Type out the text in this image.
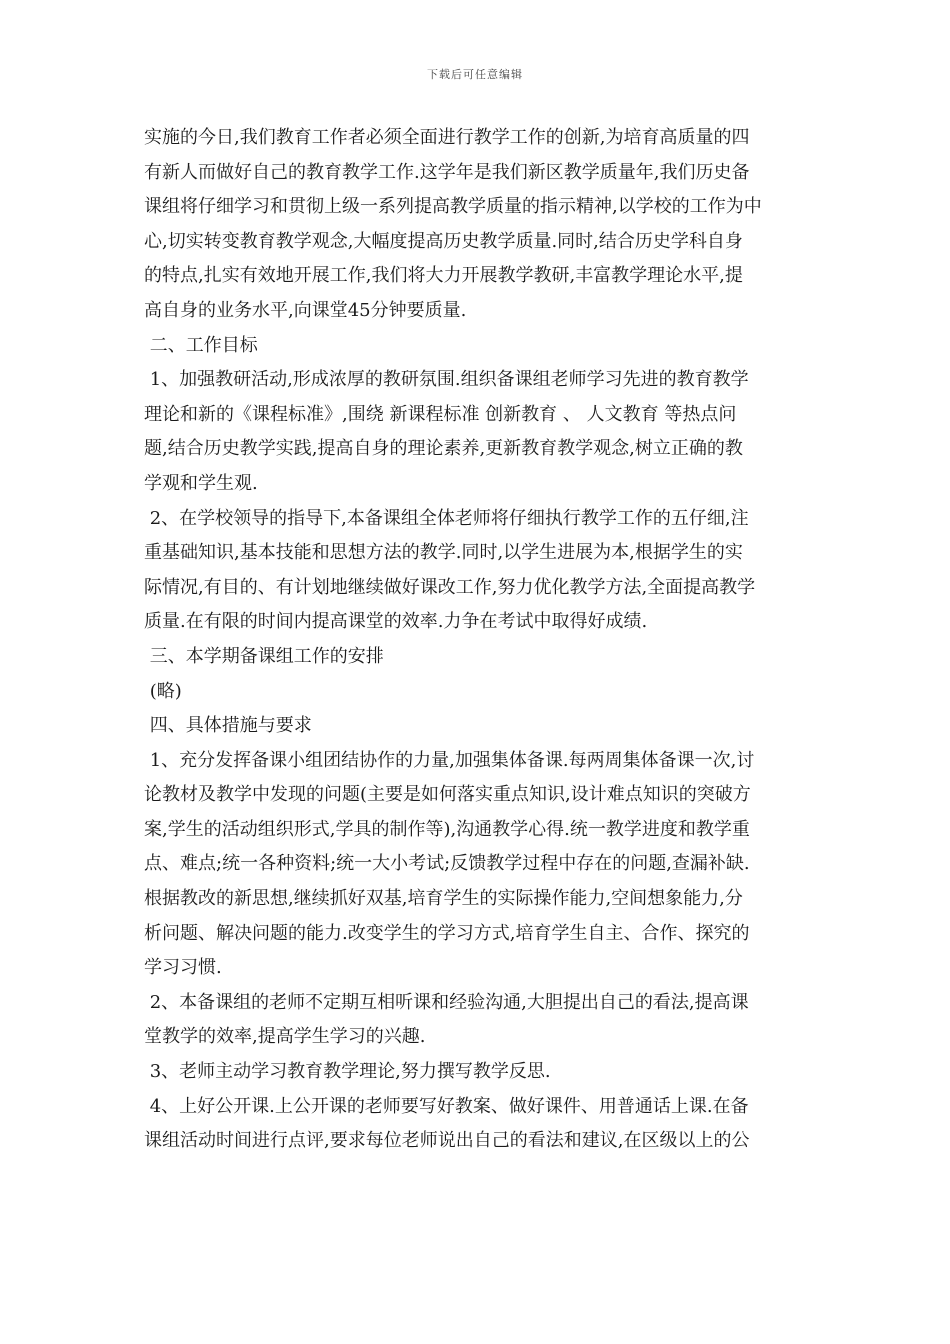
下载后可任意编辑
实施的今日,我们教育工作者必须全面进行教学工作的创新,为培育高质量的四
有新人而做好自己的教育教学工作.这学年是我们新区教学质量年,我们历史备
课组将仔细学习和贯彻上级一系列提高教学质量的指示精神,以学校的工作为中
心,切实转变教育教学观念,大幅度提高历史教学质量.同时,结合历史学科自身
的特点,扎实有效地开展工作,我们将大力开展教学教研,丰富教学理论水平,提
高自身的业务水平,向课堂45分钟要质量.
二、工作目标
1、加强教研活动,形成浓厚的教研氛围.组织备课组老师学习先进的教育教学
理论和新的《课程标准》,围绕 新课程标准 创新教育 、 人文教育 等热点问
题,结合历史教学实践,提高自身的理论素养,更新教育教学观念,树立正确的教
学观和学生观.
2、在学校领导的指导下,本备课组全体老师将仔细执行教学工作的五仔细,注
重基础知识,基本技能和思想方法的教学.同时,以学生进展为本,根据学生的实
际情况,有目的、有计划地继续做好课改工作,努力优化教学方法,全面提高教学
质量.在有限的时间内提高课堂的效率.力争在考试中取得好成绩.
三、本学期备课组工作的安排
(略)
四、具体措施与要求
1、充分发挥备课小组团结协作的力量,加强集体备课.每两周集体备课一次,讨
论教材及教学中发现的问题(主要是如何落实重点知识,设计难点知识的突破方
案,学生的活动组织形式,学具的制作等),沟通教学心得.统一教学进度和教学重
点、难点;统一各种资料;统一大小考试;反馈教学过程中存在的问题,查漏补缺.
根据教改的新思想,继续抓好双基,培育学生的实际操作能力,空间想象能力,分
析问题、解决问题的能力.改变学生的学习方式,培育学生自主、合作、探究的
学习习惯.
2、本备课组的老师不定期互相听课和经验沟通,大胆提出自己的看法,提高课
堂教学的效率,提高学生学习的兴趣.
3、老师主动学习教育教学理论,努力撰写教学反思.
4、上好公开课.上公开课的老师要写好教案、做好课件、用普通话上课.在备
课组活动时间进行点评,要求每位老师说出自己的看法和建议,在区级以上的公
